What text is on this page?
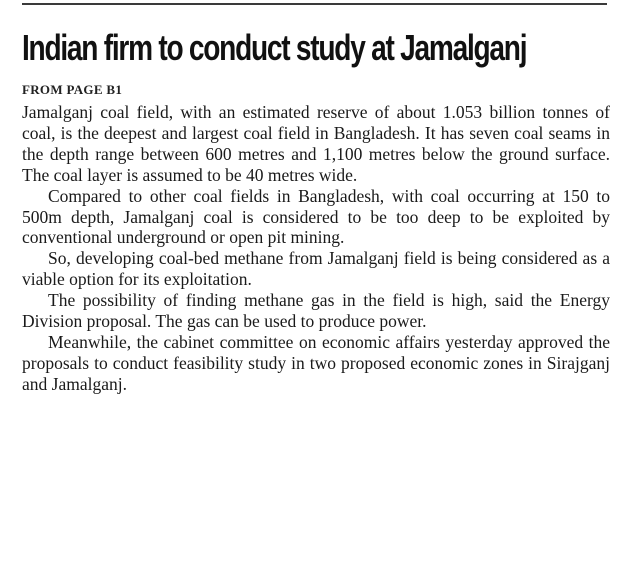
Indian firm to conduct study at Jamalganj
FROM PAGE B1

Jamalganj coal field, with an estimated reserve of about 1.053 billion tonnes of coal, is the deepest and largest coal field in Bangladesh. It has seven coal seams in the depth range between 600 metres and 1,100 metres below the ground surface. The coal layer is assumed to be 40 metres wide.

Compared to other coal fields in Bangladesh, with coal occurring at 150 to 500m depth, Jamalganj coal is considered to be too deep to be exploited by conventional underground or open pit mining.

So, developing coal-bed methane from Jamalganj field is being considered as a viable option for its exploitation.

The possibility of finding methane gas in the field is high, said the Energy Division proposal. The gas can be used to produce power.

Meanwhile, the cabinet committee on economic affairs yesterday approved the proposals to conduct feasibility study in two proposed economic zones in Sirajganj and Jamalganj.
